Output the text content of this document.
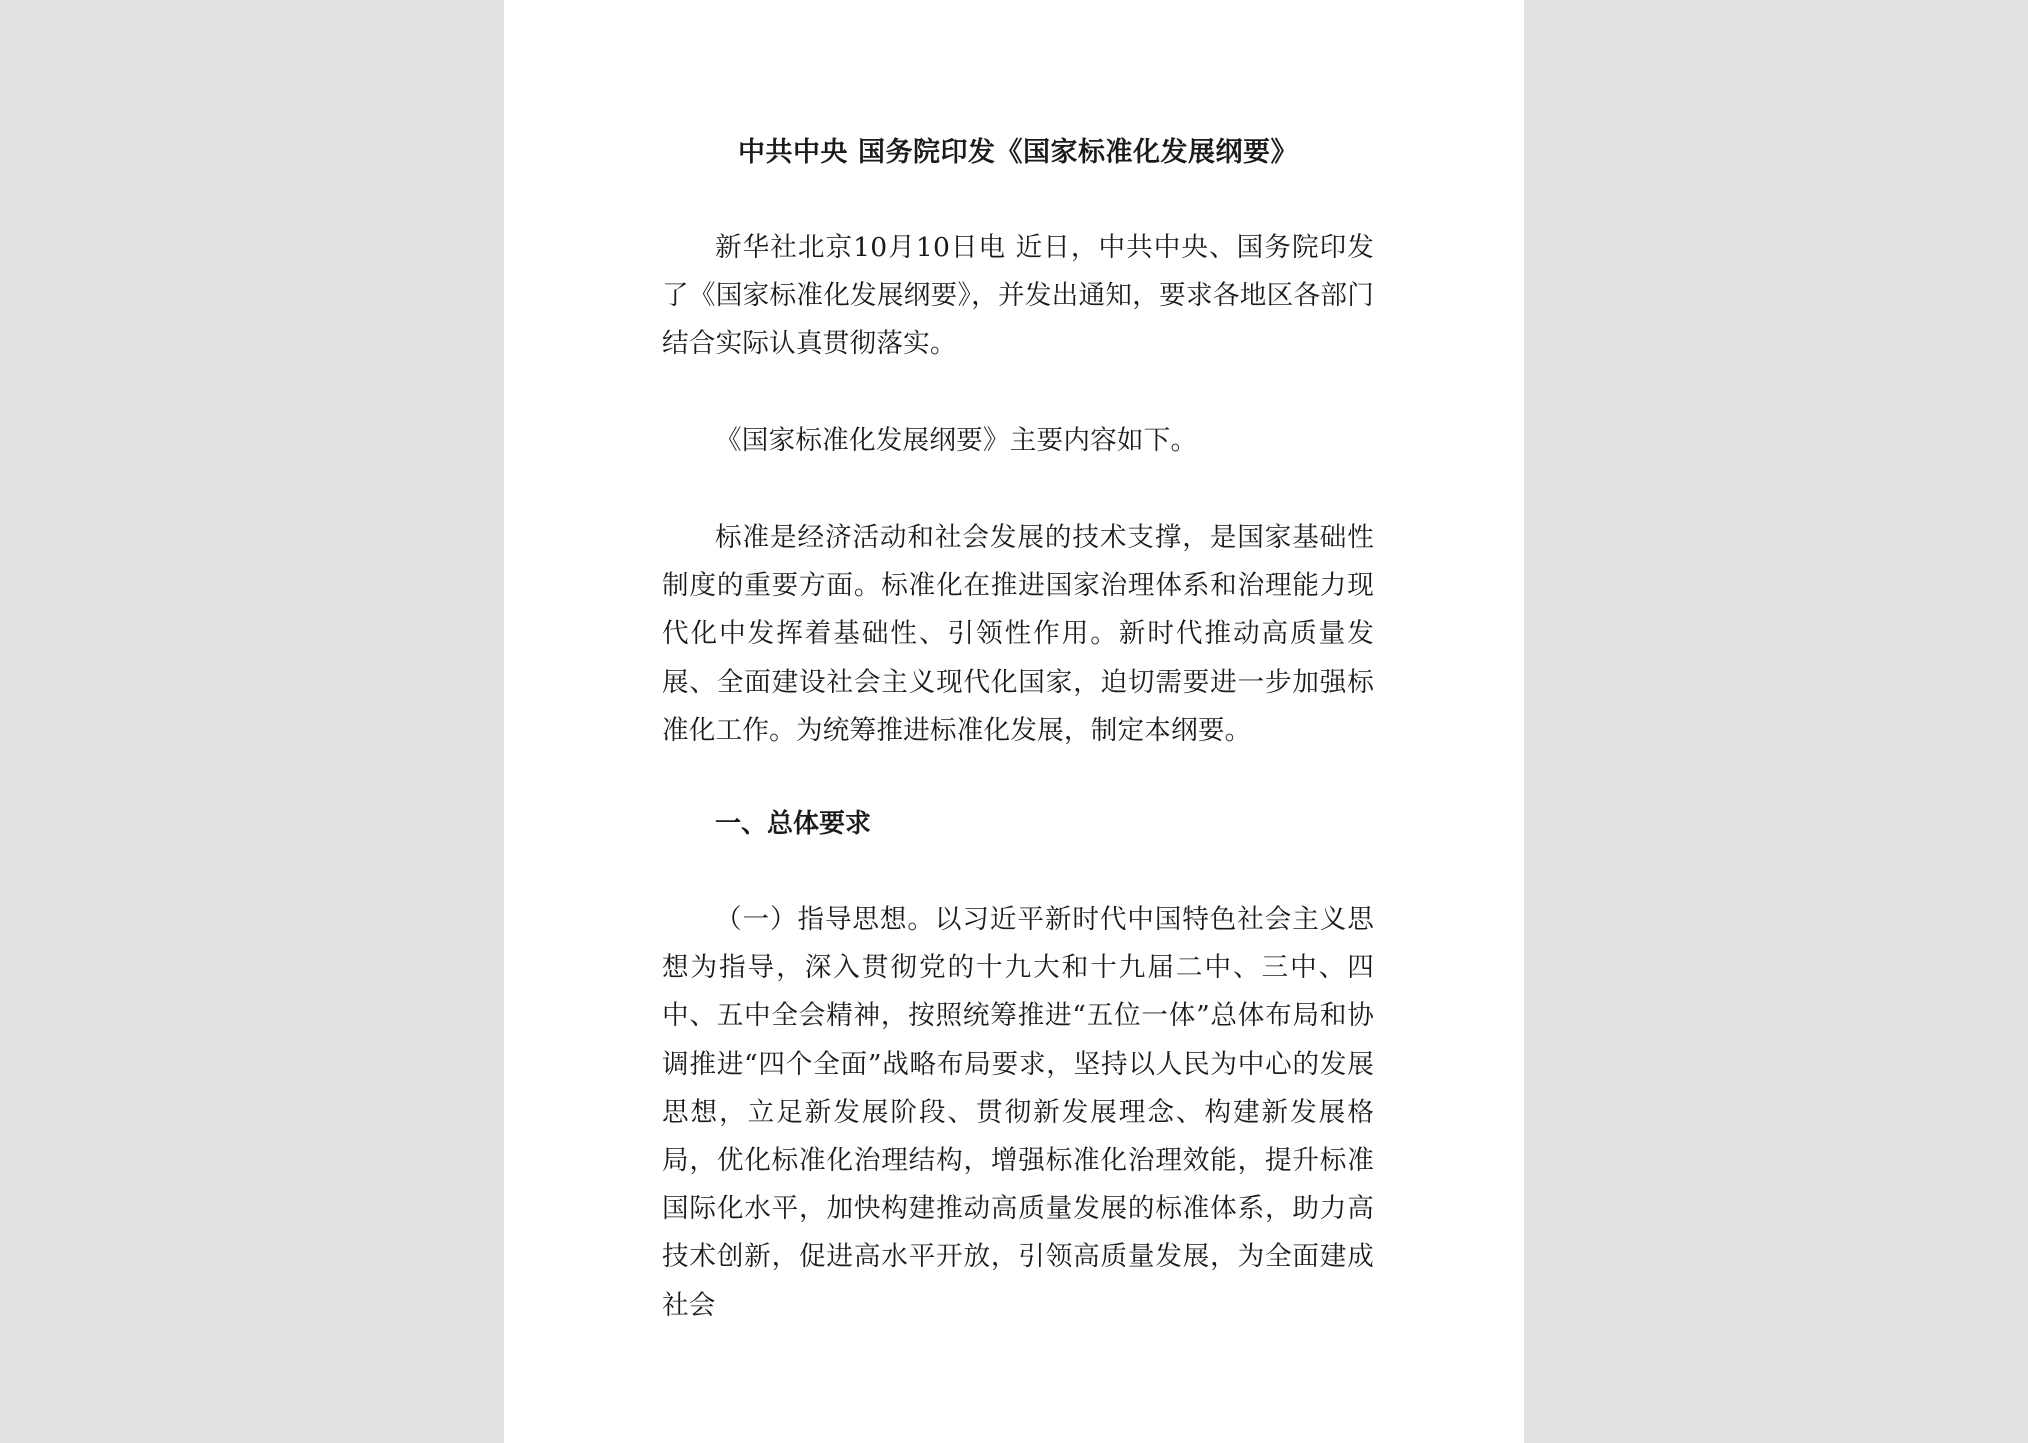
中共中央 国务院印发《国家标准化发展纲要》

新华社北京10月10日电 近日，中共中央、国务院印发了《国家标准化发展纲要》，并发出通知，要求各地区各部门结合实际认真贯彻落实。

《国家标准化发展纲要》主要内容如下。

标准是经济活动和社会发展的技术支撑，是国家基础性制度的重要方面。标准化在推进国家治理体系和治理能力现代化中发挥着基础性、引领性作用。新时代推动高质量发展、全面建设社会主义现代化国家，迫切需要进一步加强标准化工作。为统筹推进标准化发展，制定本纲要。

一、总体要求

（一）指导思想。以习近平新时代中国特色社会主义思想为指导，深入贯彻党的十九大和十九届二中、三中、四中、五中全会精神，按照统筹推进“五位一体”总体布局和协调推进“四个全面”战略布局要求，坚持以人民为中心的发展思想，立足新发展阶段、贯彻新发展理念、构建新发展格局，优化标准化治理结构，增强标准化治理效能，提升标准国际化水平，加快构建推动高质量发展的标准体系，助力高技术创新，促进高水平开放，引领高质量发展，为全面建成社会
